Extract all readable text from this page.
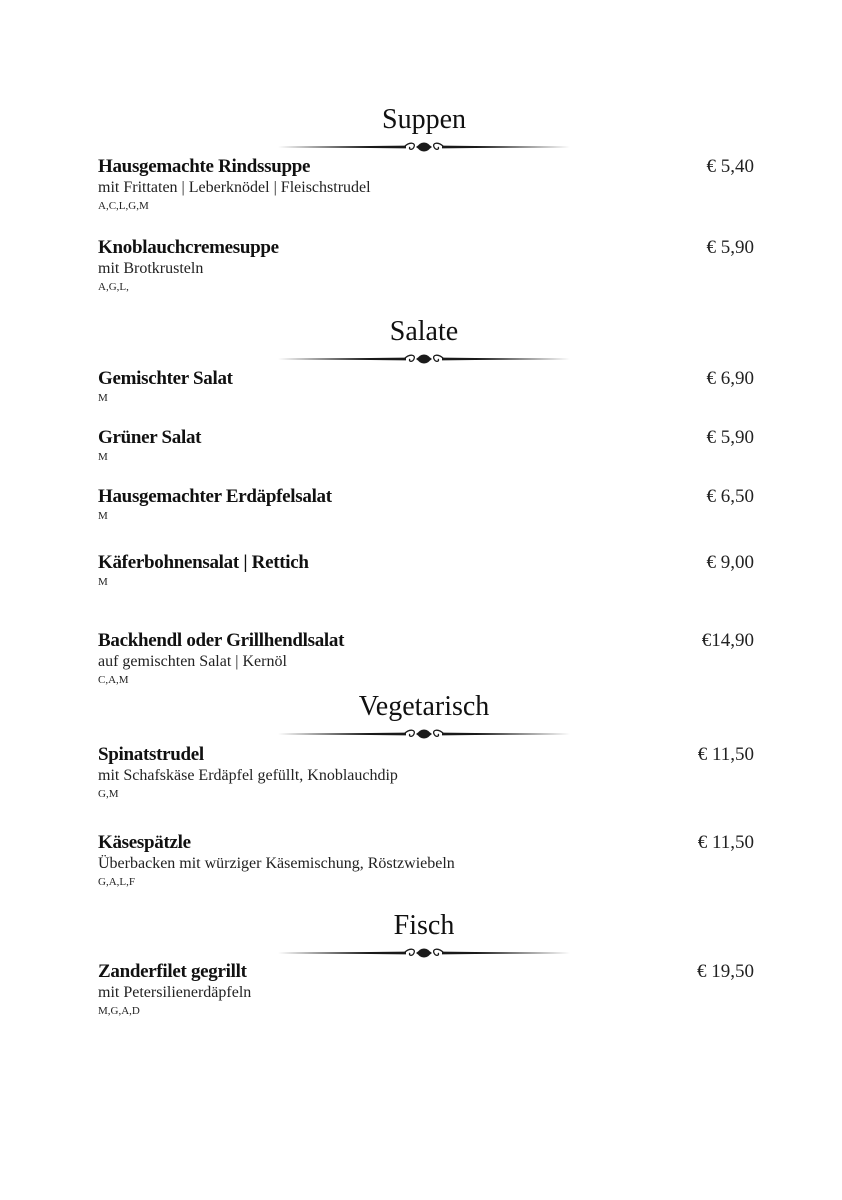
Suppen
Hausgemachte Rindssuppe
mit Frittaten | Leberknödel | Fleischstrudel
A,C,L,G,M
€ 5,40
Knoblauchcremesuppe
mit Brotkrusteln
A,G,L,
€ 5,90
Salate
Gemischter Salat
M
€ 6,90
Grüner Salat
M
€ 5,90
Hausgemachter Erdäpfelsalat
M
€ 6,50
Käferbohnensalat | Rettich
M
€ 9,00
Backhendl oder Grillhendlsalat
auf gemischten Salat | Kernöl
C,A,M
€14,90
Vegetarisch
Spinatstrudel
mit Schafskäse Erdäpfel gefüllt, Knoblauchdip
G,M
€ 11,50
Käsespätzle
Überbacken mit würziger Käsemischung, Röstzwiebeln
G,A,L,F
€ 11,50
Fisch
Zanderfilet gegrillt
mit Petersilienerdäpfeln
M,G,A,D
€ 19,50
